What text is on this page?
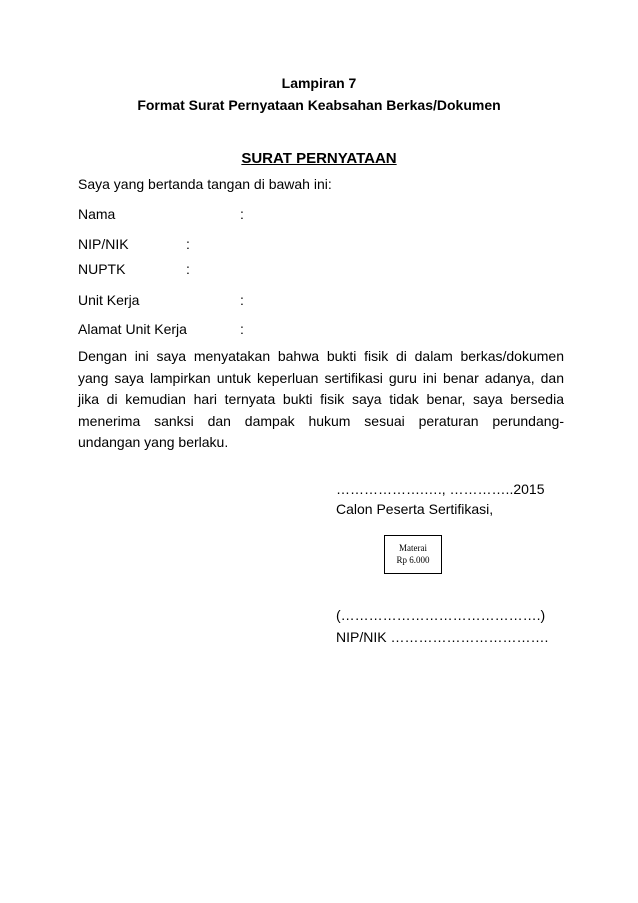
Lampiran 7
Format Surat Pernyataan Keabsahan Berkas/Dokumen
SURAT PERNYATAAN
Saya yang bertanda tangan di bawah ini:
Nama	:
NIP/NIK	:
NUPTK	:
Unit Kerja	:
Alamat Unit Kerja	:
Dengan ini saya menyatakan bahwa bukti fisik di dalam berkas/dokumen
yang saya lampirkan untuk keperluan sertifikasi guru ini benar adanya, dan
jika di kemudian hari ternyata bukti fisik saya tidak benar, saya bersedia
menerima sanksi dan dampak hukum sesuai peraturan perundang-
undangan yang berlaku.
……………….…., …………..2015
Calon Peserta Sertifikasi,
Materai
Rp 6.000
(…………………………………….)
NIP/NIK …………………………….
